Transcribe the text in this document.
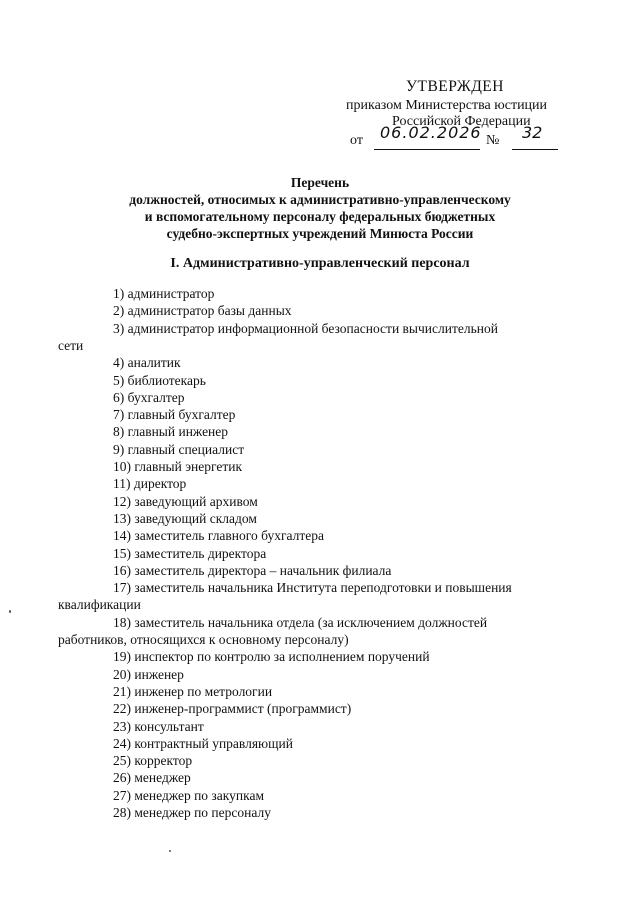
УТВЕРЖДЕН
приказом Министерства юстиции
Российской Федерации
от 06.02.2026 № 32
Перечень
должностей, относимых к административно-управленческому
и вспомогательному персоналу федеральных бюджетных
судебно-экспертных учреждений Минюста России
I. Административно-управленческий персонал
1) администратор
2) администратор базы данных
3) администратор информационной безопасности вычислительной
сети
4) аналитик
5) библиотекарь
6) бухгалтер
7) главный бухгалтер
8) главный инженер
9) главный специалист
10) главный энергетик
11) директор
12) заведующий архивом
13) заведующий складом
14) заместитель главного бухгалтера
15) заместитель директора
16) заместитель директора – начальник филиала
17) заместитель начальника Института переподготовки и повышения
квалификации
18) заместитель начальника отдела (за исключением должностей
работников, относящихся к основному персоналу)
19) инспектор по контролю за исполнением поручений
20) инженер
21) инженер по метрологии
22) инженер-программист (программист)
23) консультант
24) контрактный управляющий
25) корректор
26) менеджер
27) менеджер по закупкам
28) менеджер по персоналу
